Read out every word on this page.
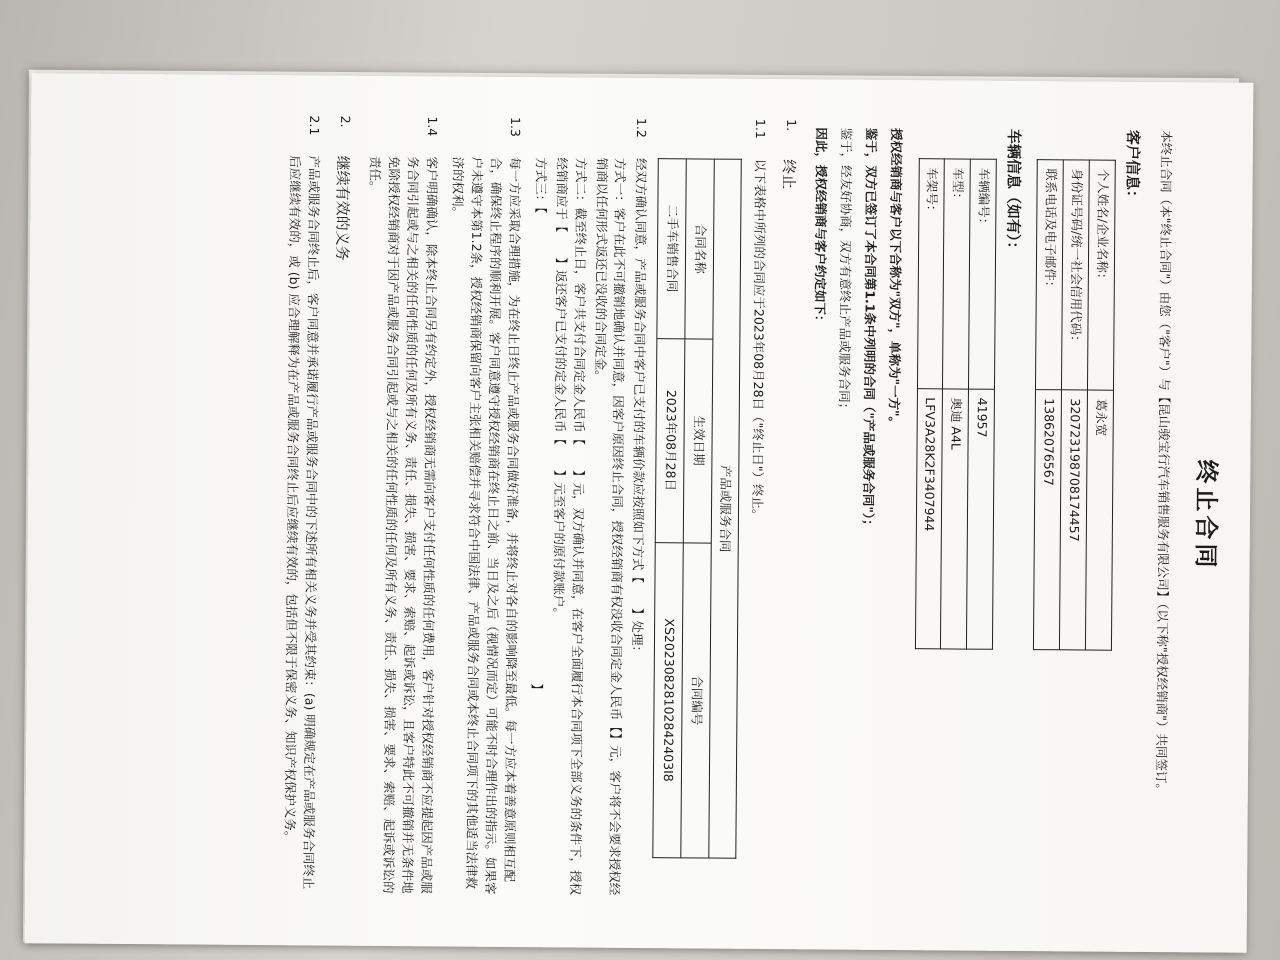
终止合同
本终止合同（本"终止合同"）由您（"客户"）与【昆山骏宝行汽车销售服务有限公司】（以下称"授权经销商"）共同签订。
客户信息：
个人姓名/企业名称：	葛永宽
身份证号码/统一社会信用代码：	320723198708174457
联系电话及电子邮件：	13862076567
车辆信息（如有）：
车辆编号：	41957
车型：	奥迪 A4L
车架号：	LFV3A28K2F3407944
授权经销商与客户以下合称为"双方"，单称为"一方"。
鉴于，双方已签订了本合同第1.1条中列明的合同（"产品或服务合同"）；
鉴于，经友好协商，双方有意终止产品或服务合同；
因此，授权经销商与客户约定如下：
1.
终止
1.1
以下表格中所列的合同应于2023年08月28日（"终止日"）终止。
产品或服务合同		
合同名称	生效日期	合同编号
二手车销售合同	2023年08月28日	XS20230828102842403I8
1.2
经双方确认同意，产品或服务合同中客户已支付的车辆价款应按照如下方式【　　】处理：
方式一：客户在此不可撤销地确认并同意，因客户原因终止合同，授权经销商有权没收合同定金人民币【】元，客户将不会要求授权经销商以任何形式返还已没收的合同定金。
方式二：截至终止日，客户共支付合同定金人民币【　　】元，双方确认并同意，在客户全面履行本合同项下全部义务的条件下，授权经销商应于【　　】返还客户已支付的定金人民币【　　】元至客户的原付款账户。
方式三：【】
1.3
每一方应采取合理措施，为在终止日终止产品或服务合同做好准备，并将终止对各自的影响降至最低。每一方应本着善意原则相互配合，确保终止程序的顺利开展。客户同意遵守授权经销商在终止日之前、当日及之后（视情况而定）可能不时合理作出的指示。如果客户未遵守本第1.2条，授权经销商保留向客户主张相关赔偿并寻求符合中国法律、产品或服务合同或本终止合同项下的其他适当法律救济的权利。
1.4
客户明确确认，除本终止合同另有约定外，授权经销商无需向客户支付任何性质的任何费用，客户针对授权经销商不应提起因产品或服务合同引起或与之相关的任何性质的任何及所有义务、责任、损失、损害、要求、索赔、起诉或诉讼，且客户特此不可撤销并无条件地免除授权经销商对于因产品或服务合同引起或与之相关的任何性质的任何及所有义务、责任、损失、损害、要求、索赔、起诉或诉讼的责任。
2.
继续有效的义务
2.1
产品或服务合同终止后，客户同意并承诺履行产品或服务合同中的下述所有相关义务并受其约束：(a) 明确规定在产品或服务合同终止后应继续有效的，或 (b) 应合理解释为在产品或服务合同终止后应继续有效的，包括但不限于保密义务、知识产权保护义务。
